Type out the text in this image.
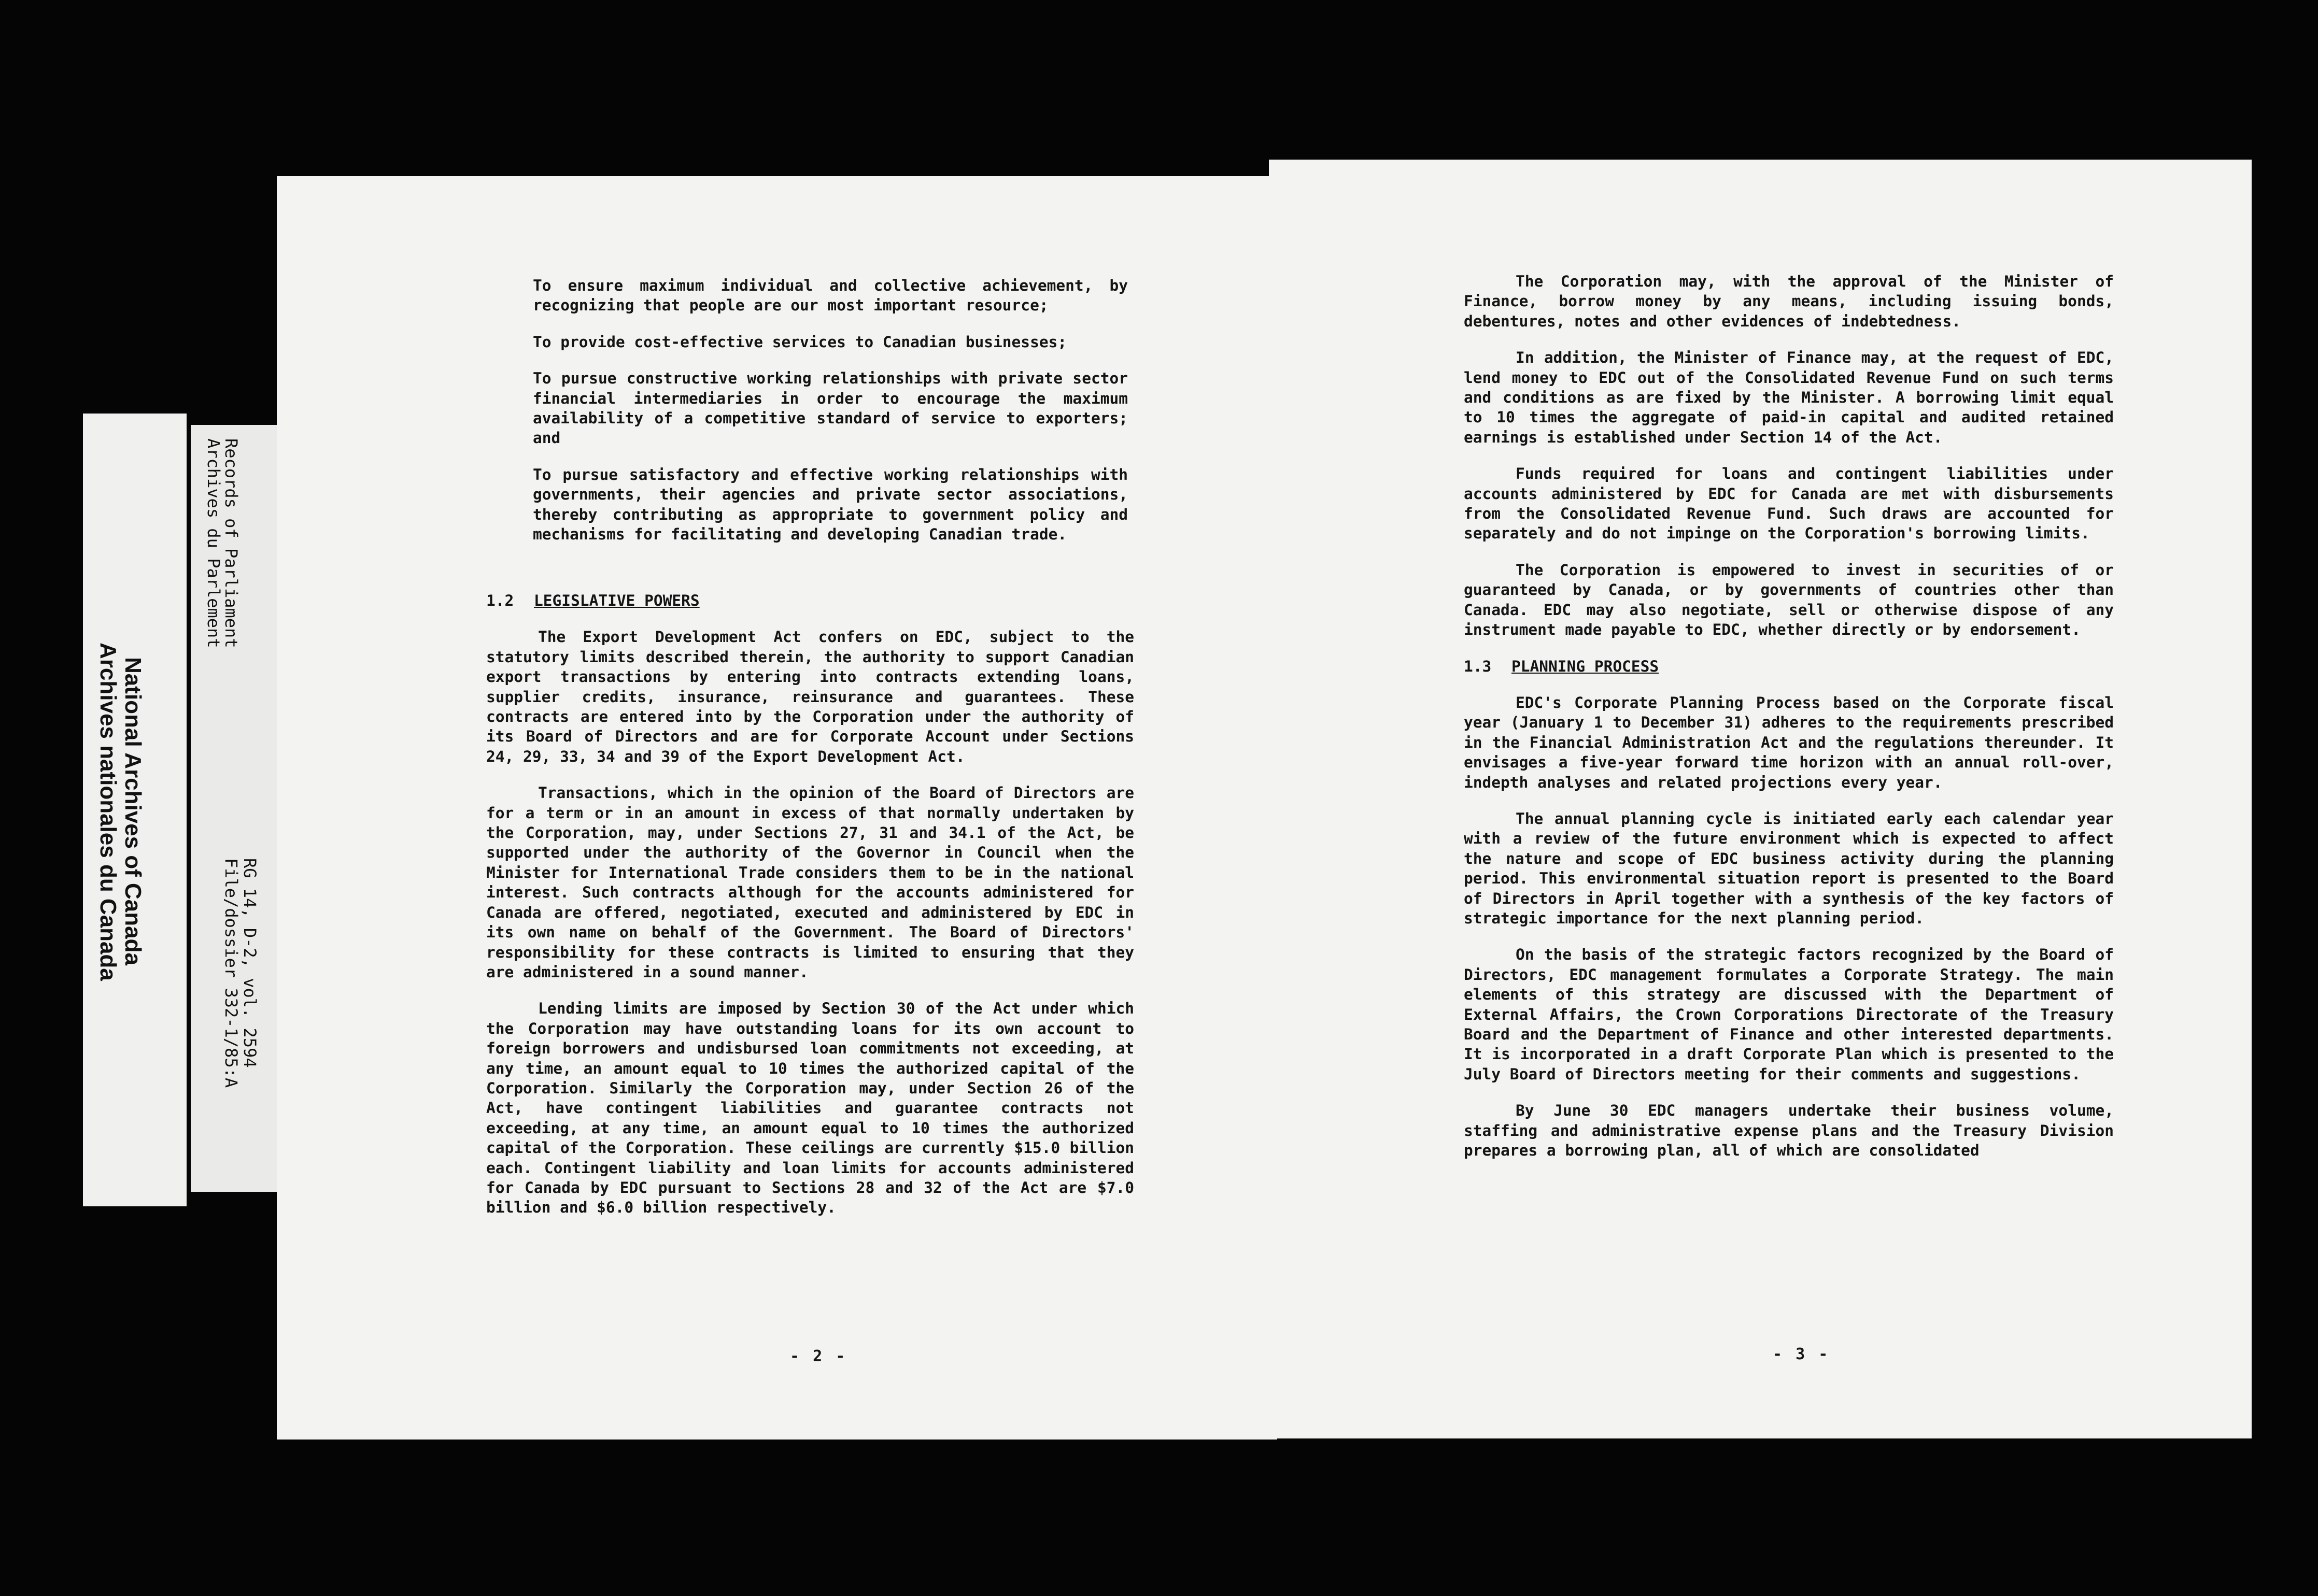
National Archives of Canada
Archives nationales du Canada
Records of Parliament
Archives du Parlement
RG 14, D-2, vol. 2594
File/dossier 332-1/85:A

To ensure maximum individual and collective achievement, by recognizing that people are our most important resource;

To provide cost-effective services to Canadian businesses;

To pursue constructive working relationships with private sector financial intermediaries in order to encourage the maximum availability of a competitive standard of service to exporters; and

To pursue satisfactory and effective working relationships with governments, their agencies and private sector associations, thereby contributing as appropriate to government policy and mechanisms for facilitating and developing Canadian trade.

1.2 LEGISLATIVE POWERS

The Export Development Act confers on EDC, subject to the statutory limits described therein, the authority to support Canadian export transactions by entering into contracts extending loans, supplier credits, insurance, reinsurance and guarantees. These contracts are entered into by the Corporation under the authority of its Board of Directors and are for Corporate Account under Sections 24, 29, 33, 34 and 39 of the Export Development Act.

Transactions, which in the opinion of the Board of Directors are for a term or in an amount in excess of that normally undertaken by the Corporation, may, under Sections 27, 31 and 34.1 of the Act, be supported under the authority of the Governor in Council when the Minister for International Trade considers them to be in the national interest. Such contracts although for the accounts administered for Canada are offered, negotiated, executed and administered by EDC in its own name on behalf of the Government. The Board of Directors' responsibility for these contracts is limited to ensuring that they are administered in a sound manner.

Lending limits are imposed by Section 30 of the Act under which the Corporation may have outstanding loans for its own account to foreign borrowers and undisbursed loan commitments not exceeding, at any time, an amount equal to 10 times the authorized capital of the Corporation. Similarly the Corporation may, under Section 26 of the Act, have contingent liabilities and guarantee contracts not exceeding, at any time, an amount equal to 10 times the authorized capital of the Corporation. These ceilings are currently $15.0 billion each. Contingent liability and loan limits for accounts administered for Canada by EDC pursuant to Sections 28 and 32 of the Act are $7.0 billion and $6.0 billion respectively.

- 2 -

The Corporation may, with the approval of the Minister of Finance, borrow money by any means, including issuing bonds, debentures, notes and other evidences of indebtedness.

In addition, the Minister of Finance may, at the request of EDC, lend money to EDC out of the Consolidated Revenue Fund on such terms and conditions as are fixed by the Minister. A borrowing limit equal to 10 times the aggregate of paid-in capital and audited retained earnings is established under Section 14 of the Act.

Funds required for loans and contingent liabilities under accounts administered by EDC for Canada are met with disbursements from the Consolidated Revenue Fund. Such draws are accounted for separately and do not impinge on the Corporation's borrowing limits.

The Corporation is empowered to invest in securities of or guaranteed by Canada, or by governments of countries other than Canada. EDC may also negotiate, sell or otherwise dispose of any instrument made payable to EDC, whether directly or by endorsement.

1.3 PLANNING PROCESS

EDC's Corporate Planning Process based on the Corporate fiscal year (January 1 to December 31) adheres to the requirements prescribed in the Financial Administration Act and the regulations thereunder. It envisages a five-year forward time horizon with an annual roll-over, indepth analyses and related projections every year.

The annual planning cycle is initiated early each calendar year with a review of the future environment which is expected to affect the nature and scope of EDC business activity during the planning period. This environmental situation report is presented to the Board of Directors in April together with a synthesis of the key factors of strategic importance for the next planning period.

On the basis of the strategic factors recognized by the Board of Directors, EDC management formulates a Corporate Strategy. The main elements of this strategy are discussed with the Department of External Affairs, the Crown Corporations Directorate of the Treasury Board and the Department of Finance and other interested departments. It is incorporated in a draft Corporate Plan which is presented to the July Board of Directors meeting for their comments and suggestions.

By June 30 EDC managers undertake their business volume, staffing and administrative expense plans and the Treasury Division prepares a borrowing plan, all of which are consolidated

- 3 -
